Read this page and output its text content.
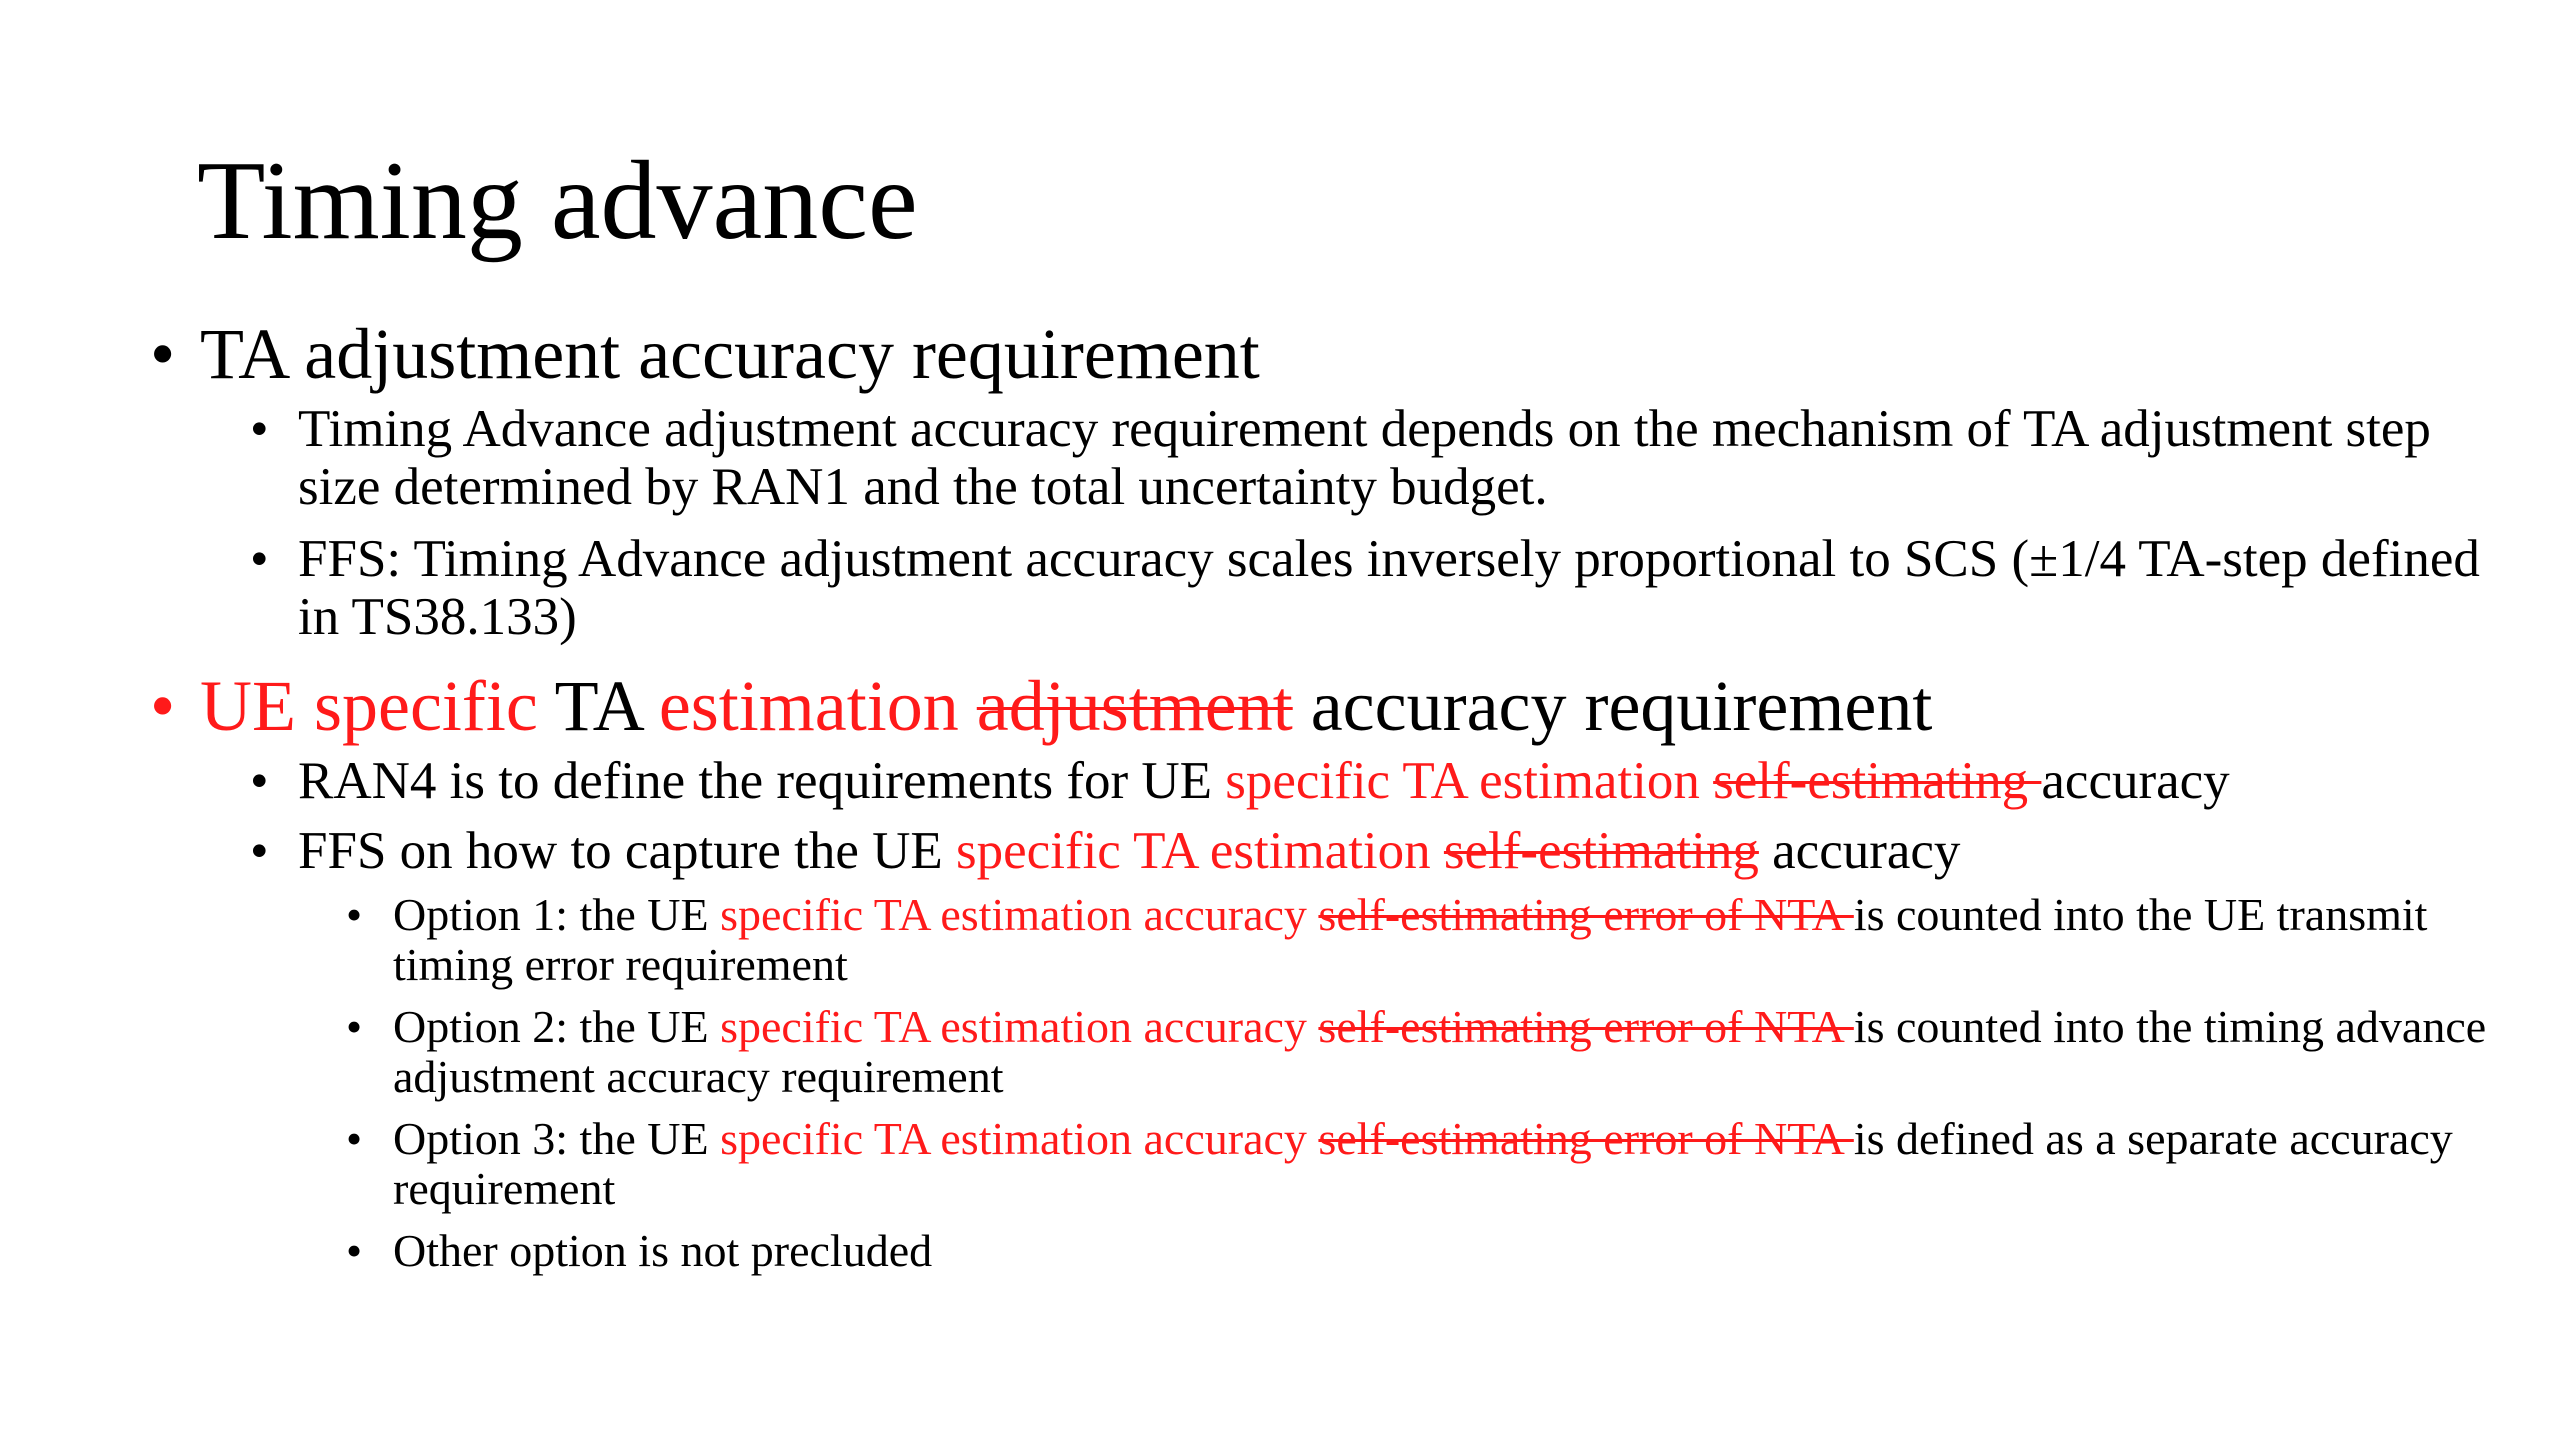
Timing advance
• TA adjustment accuracy requirement
• Timing Advance adjustment accuracy requirement depends on the mechanism of TA adjustment step size determined by RAN1 and the total uncertainty budget.
• FFS: Timing Advance adjustment accuracy scales inversely proportional to SCS (±1/4 TA-step defined in TS38.133)
• UE specific TA estimation adjustment accuracy requirement
• RAN4 is to define the requirements for UE specific TA estimation self-estimating accuracy
• FFS on how to capture the UE specific TA estimation self-estimating accuracy
• Option 1: the UE specific TA estimation accuracy self-estimating error of NTA is counted into the UE transmit timing error requirement
• Option 2: the UE specific TA estimation accuracy self-estimating error of NTA is counted into the timing advance adjustment accuracy requirement
• Option 3: the UE specific TA estimation accuracy self-estimating error of NTA is defined as a separate accuracy requirement
• Other option is not precluded
